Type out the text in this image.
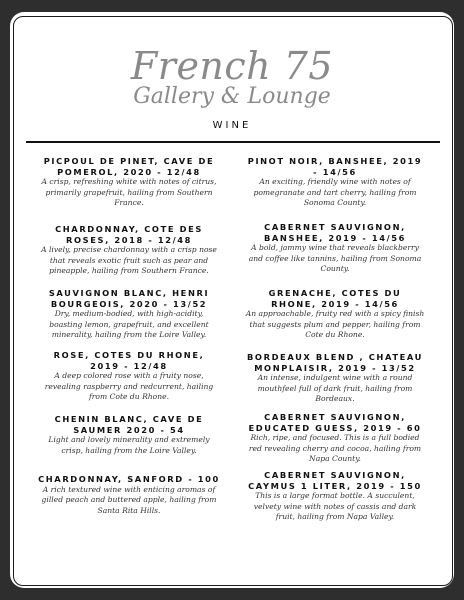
French 75
Gallery & Lounge
WINE
PICPOUL DE PINET, CAVE DE POMEROL, 2020 - 12/48
A crisp, refreshing white with notes of citrus, primarily grapefruit, hailing from Southern France.
CHARDONNAY, COTE DES ROSES, 2018 - 12/48
A lively, precise chardonnay with a crisp nose that reveals exotic fruit such as pear and pineapple, hailing from Southern France.
SAUVIGNON BLANC, HENRI BOURGEOIS, 2020 - 13/52
Dry, medium-bodied, with high-acidity, boasting lemon, grapefruit, and excellent minerality, hailing from the Loire Valley.
ROSE, COTES DU RHONE, 2019 - 12/48
A deep colored rose with a fruity nose, revealing raspberry and redcurrent, hailing from Cote du Rhone.
CHENIN BLANC, CAVE DE SAUMER 2020 - 54
Light and lovely minerality and extremely crisp, hailing from the Loire Valley.
CHARDONNAY, SANFORD - 100
A rich textured wine with enticing aromas of gilled peach and buttered apple, hailing from Santa Rita Hills.
PINOT NOIR, BANSHEE, 2019 - 14/56
An exciting, friendly wine with notes of pomegranate and tart cherry, hailing from Sonoma County.
CABERNET SAUVIGNON, BANSHEE, 2019 - 14/56
A bold, jammy wine that reveals blackberry and coffee like tannins, hailing from Sonoma County.
GRENACHE, COTES DU RHONE, 2019 - 14/56
An approachable, fruity red with a spicy finish that suggests plum and pepper, hailing from Cote du Rhone.
BORDEAUX BLEND , CHATEAU MONPLAISIR, 2019 - 13/52
An intense, indulgent wine with a round mouthfeel full of dark fruit, hailing from Bordeaux.
CABERNET SAUVIGNON, EDUCATED GUESS, 2019 - 60
Rich, ripe, and focused. This is a full bodied red revealing cherry and cocoa, hailing from Napa County.
CABERNET SAUVIGNON, CAYMUS 1 LITER, 2019 - 150
This is a large format bottle. A succulent, velvety wine with notes of cassis and dark fruit, hailing from Napa Valley.
